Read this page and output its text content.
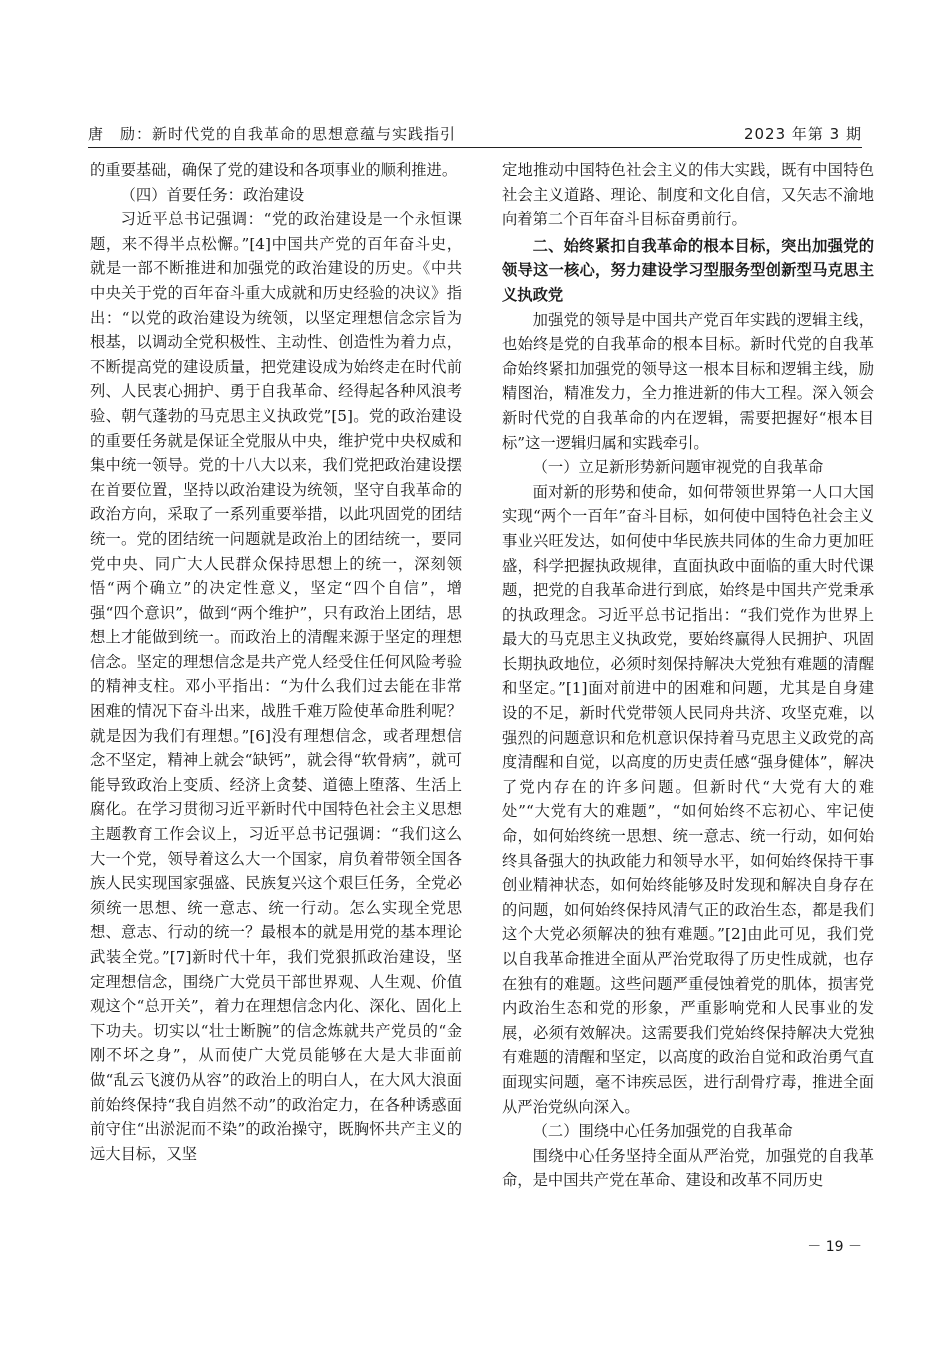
唐　励：新时代党的自我革命的思想意蕴与实践指引	2023 年第 3 期

的重要基础，确保了党的建设和各项事业的顺利推进。

（四）首要任务：政治建设

习近平总书记强调：“党的政治建设是一个永恒课题，来不得半点松懈。”[4]中国共产党的百年奋斗史，就是一部不断推进和加强党的政治建设的历史。《中共中央关于党的百年奋斗重大成就和历史经验的决议》指出：“以党的政治建设为统领，以坚定理想信念宗旨为根基，以调动全党积极性、主动性、创造性为着力点，不断提高党的建设质量，把党建设成为始终走在时代前列、人民衷心拥护、勇于自我革命、经得起各种风浪考验、朝气蓬勃的马克思主义执政党”[5]。党的政治建设的重要任务就是保证全党服从中央，维护党中央权威和集中统一领导。党的十八大以来，我们党把政治建设摆在首要位置，坚持以政治建设为统领，坚守自我革命的政治方向，采取了一系列重要举措，以此巩固党的团结统一。党的团结统一问题就是政治上的团结统一，要同党中央、同广大人民群众保持思想上的统一，深刻领悟“两个确立”的决定性意义，坚定“四个自信”，增强“四个意识”，做到“两个维护”，只有政治上团结，思想上才能做到统一。而政治上的清醒来源于坚定的理想信念。坚定的理想信念是共产党人经受住任何风险考验的精神支柱。邓小平指出：“为什么我们过去能在非常困难的情况下奋斗出来，战胜千难万险使革命胜利呢？就是因为我们有理想。”[6]没有理想信念，或者理想信念不坚定，精神上就会“缺钙”，就会得“软骨病”，就可能导致政治上变质、经济上贪婪、道德上堕落、生活上腐化。在学习贯彻习近平新时代中国特色社会主义思想主题教育工作会议上，习近平总书记强调：“我们这么大一个党，领导着这么大一个国家，肩负着带领全国各族人民实现国家强盛、民族复兴这个艰巨任务，全党必须统一思想、统一意志、统一行动。怎么实现全党思想、意志、行动的统一？最根本的就是用党的基本理论武装全党。”[7]新时代十年，我们党狠抓政治建设，坚定理想信念，围绕广大党员干部世界观、人生观、价值观这个“总开关”，着力在理想信念内化、深化、固化上下功夫。切实以“壮士断腕”的信念炼就共产党员的“金刚不坏之身”，从而使广大党员能够在大是大非面前做“乱云飞渡仍从容”的政治上的明白人，在大风大浪面前始终保持“我自岿然不动”的政治定力，在各种诱惑面前守住“出淤泥而不染”的政治操守，既胸怀共产主义的远大目标，又坚

定地推动中国特色社会主义的伟大实践，既有中国特色社会主义道路、理论、制度和文化自信，又矢志不渝地向着第二个百年奋斗目标奋勇前行。

二、始终紧扣自我革命的根本目标，突出加强党的领导这一核心，努力建设学习型服务型创新型马克思主义执政党

加强党的领导是中国共产党百年实践的逻辑主线，也始终是党的自我革命的根本目标。新时代党的自我革命始终紧扣加强党的领导这一根本目标和逻辑主线，励精图治，精准发力，全力推进新的伟大工程。深入领会新时代党的自我革命的内在逻辑，需要把握好“根本目标”这一逻辑归属和实践牵引。

（一）立足新形势新问题审视党的自我革命

面对新的形势和使命，如何带领世界第一人口大国实现“两个一百年”奋斗目标，如何使中国特色社会主义事业兴旺发达，如何使中华民族共同体的生命力更加旺盛，科学把握执政规律，直面执政中面临的重大时代课题，把党的自我革命进行到底，始终是中国共产党秉承的执政理念。习近平总书记指出：“我们党作为世界上最大的马克思主义执政党，要始终赢得人民拥护、巩固长期执政地位，必须时刻保持解决大党独有难题的清醒和坚定。”[1]面对前进中的困难和问题，尤其是自身建设的不足，新时代党带领人民同舟共济、攻坚克难，以强烈的问题意识和危机意识保持着马克思主义政党的高度清醒和自觉，以高度的历史责任感“强身健体”，解决了党内存在的许多问题。但新时代“大党有大的难处”“大党有大的难题”，“如何始终不忘初心、牢记使命，如何始终统一思想、统一意志、统一行动，如何始终具备强大的执政能力和领导水平，如何始终保持干事创业精神状态，如何始终能够及时发现和解决自身存在的问题，如何始终保持风清气正的政治生态，都是我们这个大党必须解决的独有难题。”[2]由此可见，我们党以自我革命推进全面从严治党取得了历史性成就，也存在独有的难题。这些问题严重侵蚀着党的肌体，损害党内政治生态和党的形象，严重影响党和人民事业的发展，必须有效解决。这需要我们党始终保持解决大党独有难题的清醒和坚定，以高度的政治自觉和政治勇气直面现实问题，毫不讳疾忌医，进行刮骨疗毒，推进全面从严治党纵向深入。

（二）围绕中心任务加强党的自我革命

围绕中心任务坚持全面从严治党，加强党的自我革命，是中国共产党在革命、建设和改革不同历史

－ 19 －
